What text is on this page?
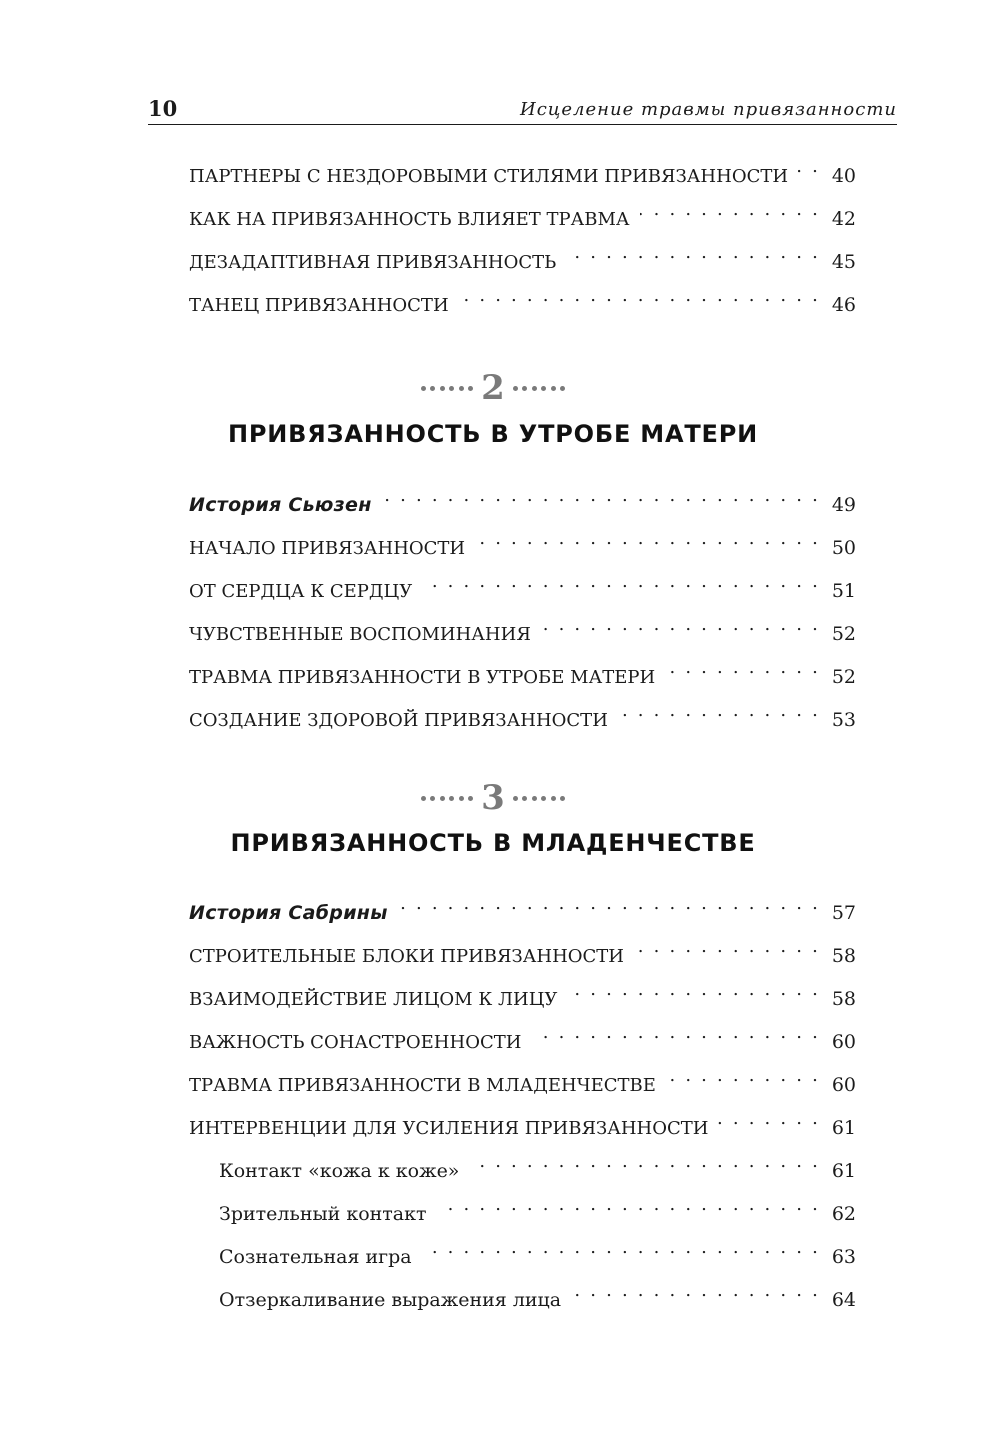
10	Исцеление травмы привязанности
ПАРТНЕРЫ С НЕЗДОРОВЫМИ СТИЛЯМИ ПРИВЯЗАННОСТИ . . .	40
КАК НА ПРИВЯЗАННОСТЬ ВЛИЯЕТ ТРАВМА . . .	42
ДЕЗАДАПТИВНАЯ ПРИВЯЗАННОСТЬ . . .	45
ТАНЕЦ ПРИВЯЗАННОСТИ . . .	46
2
ПРИВЯЗАННОСТЬ В УТРОБЕ МАТЕРИ
История Сьюзен . . .	49
НАЧАЛО ПРИВЯЗАННОСТИ . . .	50
ОТ СЕРДЦА К СЕРДЦУ . . .	51
ЧУВСТВЕННЫЕ ВОСПОМИНАНИЯ . . .	52
ТРАВМА ПРИВЯЗАННОСТИ В УТРОБЕ МАТЕРИ . . .	52
СОЗДАНИЕ ЗДОРОВОЙ ПРИВЯЗАННОСТИ . . .	53
3
ПРИВЯЗАННОСТЬ В МЛАДЕНЧЕСТВЕ
История Сабрины . . .	57
СТРОИТЕЛЬНЫЕ БЛОКИ ПРИВЯЗАННОСТИ . . .	58
ВЗАИМОДЕЙСТВИЕ ЛИЦОМ К ЛИЦУ . . .	58
ВАЖНОСТЬ СОНАСТРОЕННОСТИ . . .	60
ТРАВМА ПРИВЯЗАННОСТИ В МЛАДЕНЧЕСТВЕ . . .	60
ИНТЕРВЕНЦИИ ДЛЯ УСИЛЕНИЯ ПРИВЯЗАННОСТИ . . .	61
Контакт «кожа к коже» . . .	61
Зрительный контакт . . .	62
Сознательная игра . . .	63
Отзеркаливание выражения лица . . .	64
